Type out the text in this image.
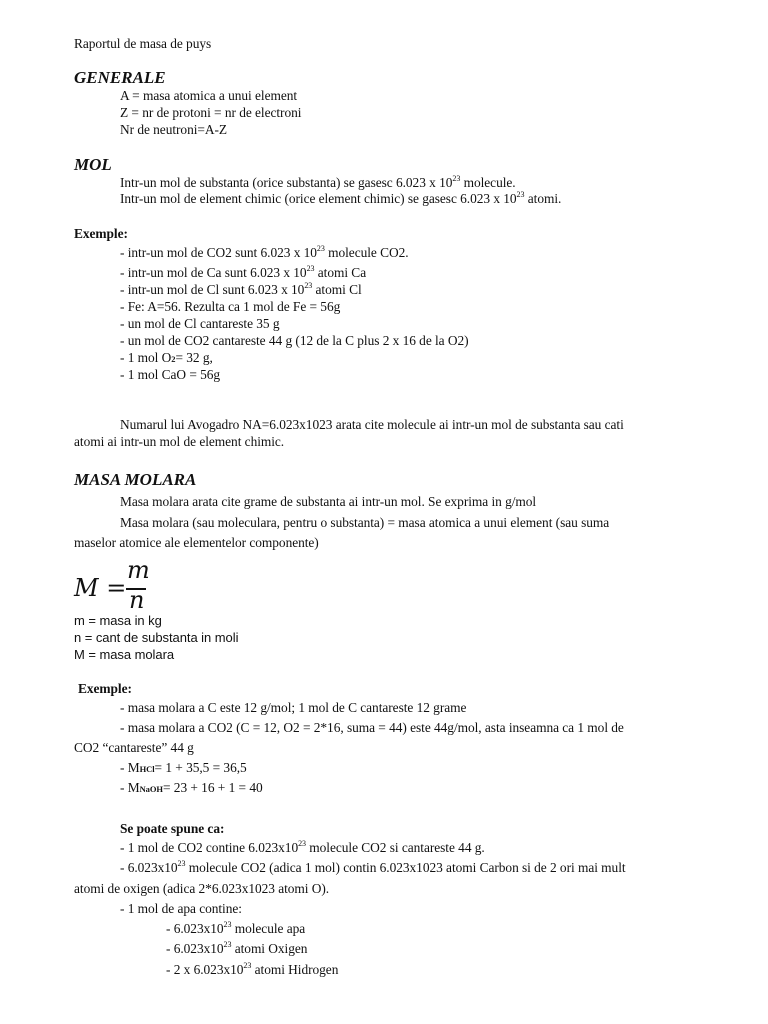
Raportul de masa de puys
GENERALE
A = masa atomica a unui element
Z = nr de protoni = nr de electroni
Nr de neutroni=A-Z
MOL
Intr-un mol de substanta (orice substanta) se gasesc 6.023 x $10^{23}$ molecule.
Intr-un mol de element chimic (orice element chimic) se gasesc 6.023 x $10^{23}$ atomi.
Exemple:
- intr-un mol de CO2 sunt 6.023 x $10^{23}$ molecule CO2.
- intr-un mol de Ca sunt 6.023 x $10^{23}$ atomi Ca
- intr-un mol de Cl sunt 6.023 x $10^{23}$ atomi Cl
- Fe: A=56. Rezulta ca 1 mol de Fe = 56g
- un mol de Cl cantareste 35 g
- un mol de CO2 cantareste 44 g (12 de la C plus 2 x 16 de la O2)
- 1 mol O2= 32 g,
- 1 mol CaO = 56g
Numarul lui Avogadro NA=6.023x1023 arata cite molecule ai intr-un mol de substanta sau cati
atomi ai intr-un mol de element chimic.
MASA MOLARA
Masa molara arata cite grame de substanta ai intr-un mol. Se exprima in g/mol
Masa molara (sau moleculara, pentru o substanta) = masa atomica a unui element (sau suma
maselor atomice ale elementelor componente)
M =
m
n
m = masa in kg
n = cant de substanta in moli
M = masa molara
Exemple:
- masa molara a C este 12 g/mol; 1 mol de C cantareste 12 grame
- masa molara a CO2 (C = 12, O2 = 2*16, suma = 44) este 44g/mol, asta inseamna ca 1 mol de
CO2 “cantareste” 44 g
- MHCl= 1 + 35,5 = 36,5
- MNaOH= 23 + 16 + 1 = 40
Se poate spune ca:
- 1 mol de CO2 contine $6.023x10^{23}$ molecule CO2 si cantareste 44 g.
- $6.023x10^{23}$ molecule CO2 (adica 1 mol) contin 6.023x1023 atomi Carbon si de 2 ori mai mult
atomi de oxigen (adica 2*6.023x1023 atomi O).
- 1 mol de apa contine:
- $6.023x10^{23}$ molecule apa
- $6.023x10^{23}$ atomi Oxigen
- 2 x $6.023x10^{23}$ atomi Hidrogen
